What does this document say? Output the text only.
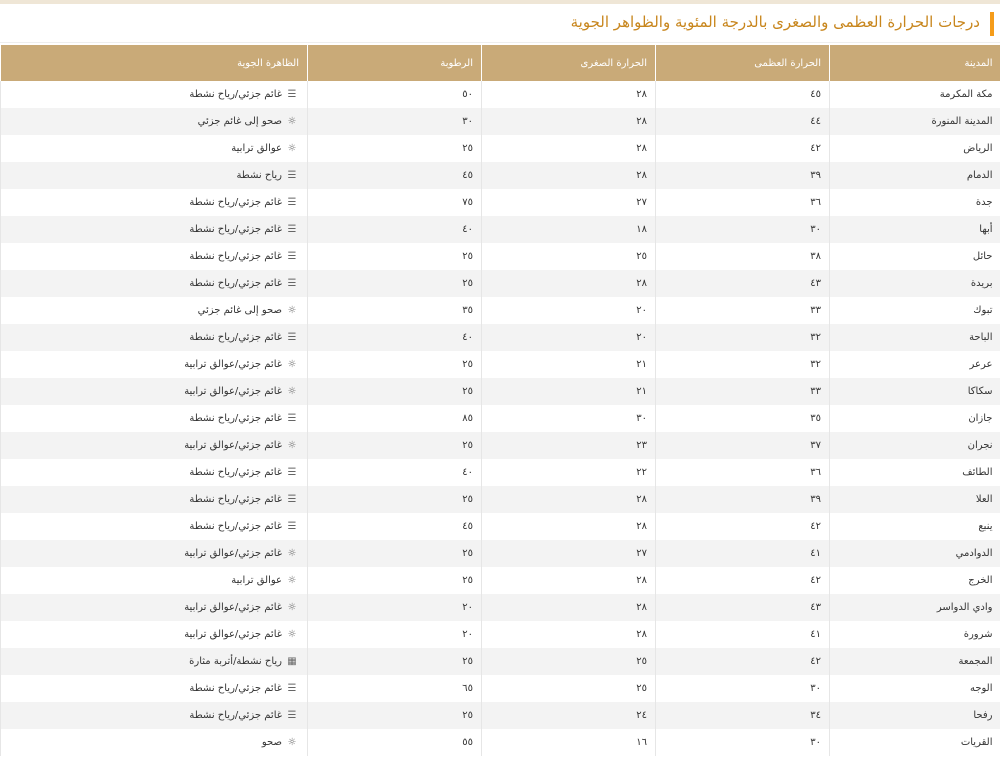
درجات الحرارة العظمى والصغرى بالدرجة المئوية والظواهر الجوية
المدينة	الحرارة العظمى	الحرارة الصغرى	الرطوبة	الظاهرة الجوية
مكة المكرمة	٤٥	٢٨	٥٠	☰غائم جزئي/رياح نشطة
المدينة المنورة	٤٤	٢٨	٣٠	☼صحو إلى غائم جزئي
الرياض	٤٢	٢٨	٢٥	☼عوالق ترابية
الدمام	٣٩	٢٨	٤٥	☰رياح نشطة
جدة	٣٦	٢٧	٧٥	☰غائم جزئي/رياح نشطة
أبها	٣٠	١٨	٤٠	☰غائم جزئي/رياح نشطة
حائل	٣٨	٢٥	٢٥	☰غائم جزئي/رياح نشطة
بريدة	٤٣	٢٨	٢٥	☰غائم جزئي/رياح نشطة
تبوك	٣٣	٢٠	٣٥	☼صحو إلى غائم جزئي
الباحة	٣٢	٢٠	٤٠	☰غائم جزئي/رياح نشطة
عرعر	٣٢	٢١	٢٥	☼غائم جزئي/عوالق ترابية
سكاكا	٣٣	٢١	٢٥	☼غائم جزئي/عوالق ترابية
جازان	٣٥	٣٠	٨٥	☰غائم جزئي/رياح نشطة
نجران	٣٧	٢٣	٢٥	☼غائم جزئي/عوالق ترابية
الطائف	٣٦	٢٢	٤٠	☰غائم جزئي/رياح نشطة
العلا	٣٩	٢٨	٢٥	☰غائم جزئي/رياح نشطة
ينبع	٤٢	٢٨	٤٥	☰غائم جزئي/رياح نشطة
الدوادمي	٤١	٢٧	٢٥	☼غائم جزئي/عوالق ترابية
الخرج	٤٢	٢٨	٢٥	☼عوالق ترابية
وادي الدواسر	٤٣	٢٨	٢٠	☼غائم جزئي/عوالق ترابية
شرورة	٤١	٢٨	٢٠	☼غائم جزئي/عوالق ترابية
المجمعة	٤٢	٢٥	٢٥	▦رياح نشطة/أتربة مثارة
الوجه	٣٠	٢٥	٦٥	☰غائم جزئي/رياح نشطة
رفحا	٣٤	٢٤	٢٥	☰غائم جزئي/رياح نشطة
القريات	٣٠	١٦	٥٥	☼صحو
